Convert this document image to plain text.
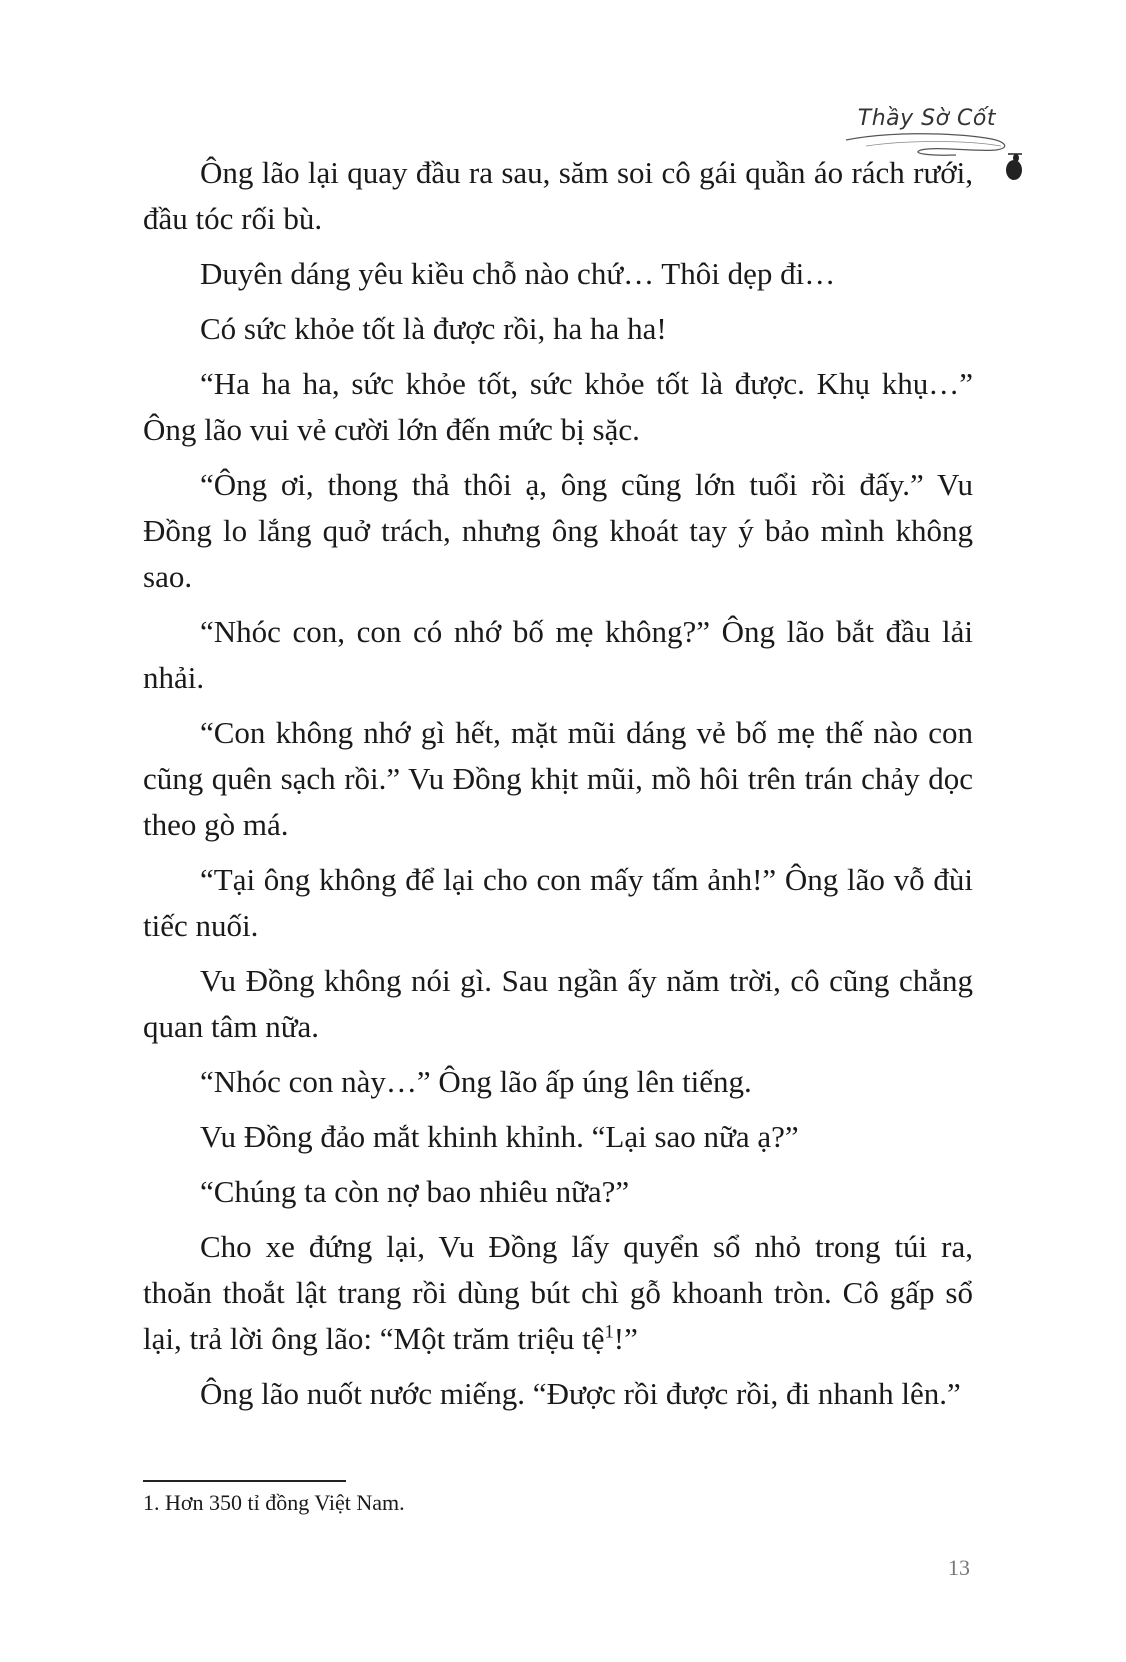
Thầy Sờ Cốt

Ông lão lại quay đầu ra sau, săm soi cô gái quần áo rách rưới, đầu tóc rối bù.

Duyên dáng yêu kiều chỗ nào chứ… Thôi dẹp đi…

Có sức khỏe tốt là được rồi, ha ha ha!

“Ha ha ha, sức khỏe tốt, sức khỏe tốt là được. Khụ khụ…” Ông lão vui vẻ cười lớn đến mức bị sặc.

“Ông ơi, thong thả thôi ạ, ông cũng lớn tuổi rồi đấy.” Vu Đồng lo lắng quở trách, nhưng ông khoát tay ý bảo mình không sao.

“Nhóc con, con có nhớ bố mẹ không?” Ông lão bắt đầu lải nhải.

“Con không nhớ gì hết, mặt mũi dáng vẻ bố mẹ thế nào con cũng quên sạch rồi.” Vu Đồng khịt mũi, mồ hôi trên trán chảy dọc theo gò má.

“Tại ông không để lại cho con mấy tấm ảnh!” Ông lão vỗ đùi tiếc nuối.

Vu Đồng không nói gì. Sau ngần ấy năm trời, cô cũng chẳng quan tâm nữa.

“Nhóc con này…” Ông lão ấp úng lên tiếng.

Vu Đồng đảo mắt khinh khỉnh. “Lại sao nữa ạ?”

“Chúng ta còn nợ bao nhiêu nữa?”

Cho xe đứng lại, Vu Đồng lấy quyển sổ nhỏ trong túi ra, thoăn thoắt lật trang rồi dùng bút chì gỗ khoanh tròn. Cô gấp sổ lại, trả lời ông lão: “Một trăm triệu tệ$^1$!”

Ông lão nuốt nước miếng. “Được rồi được rồi, đi nhanh lên.”

1. Hơn 350 tỉ đồng Việt Nam.
13
